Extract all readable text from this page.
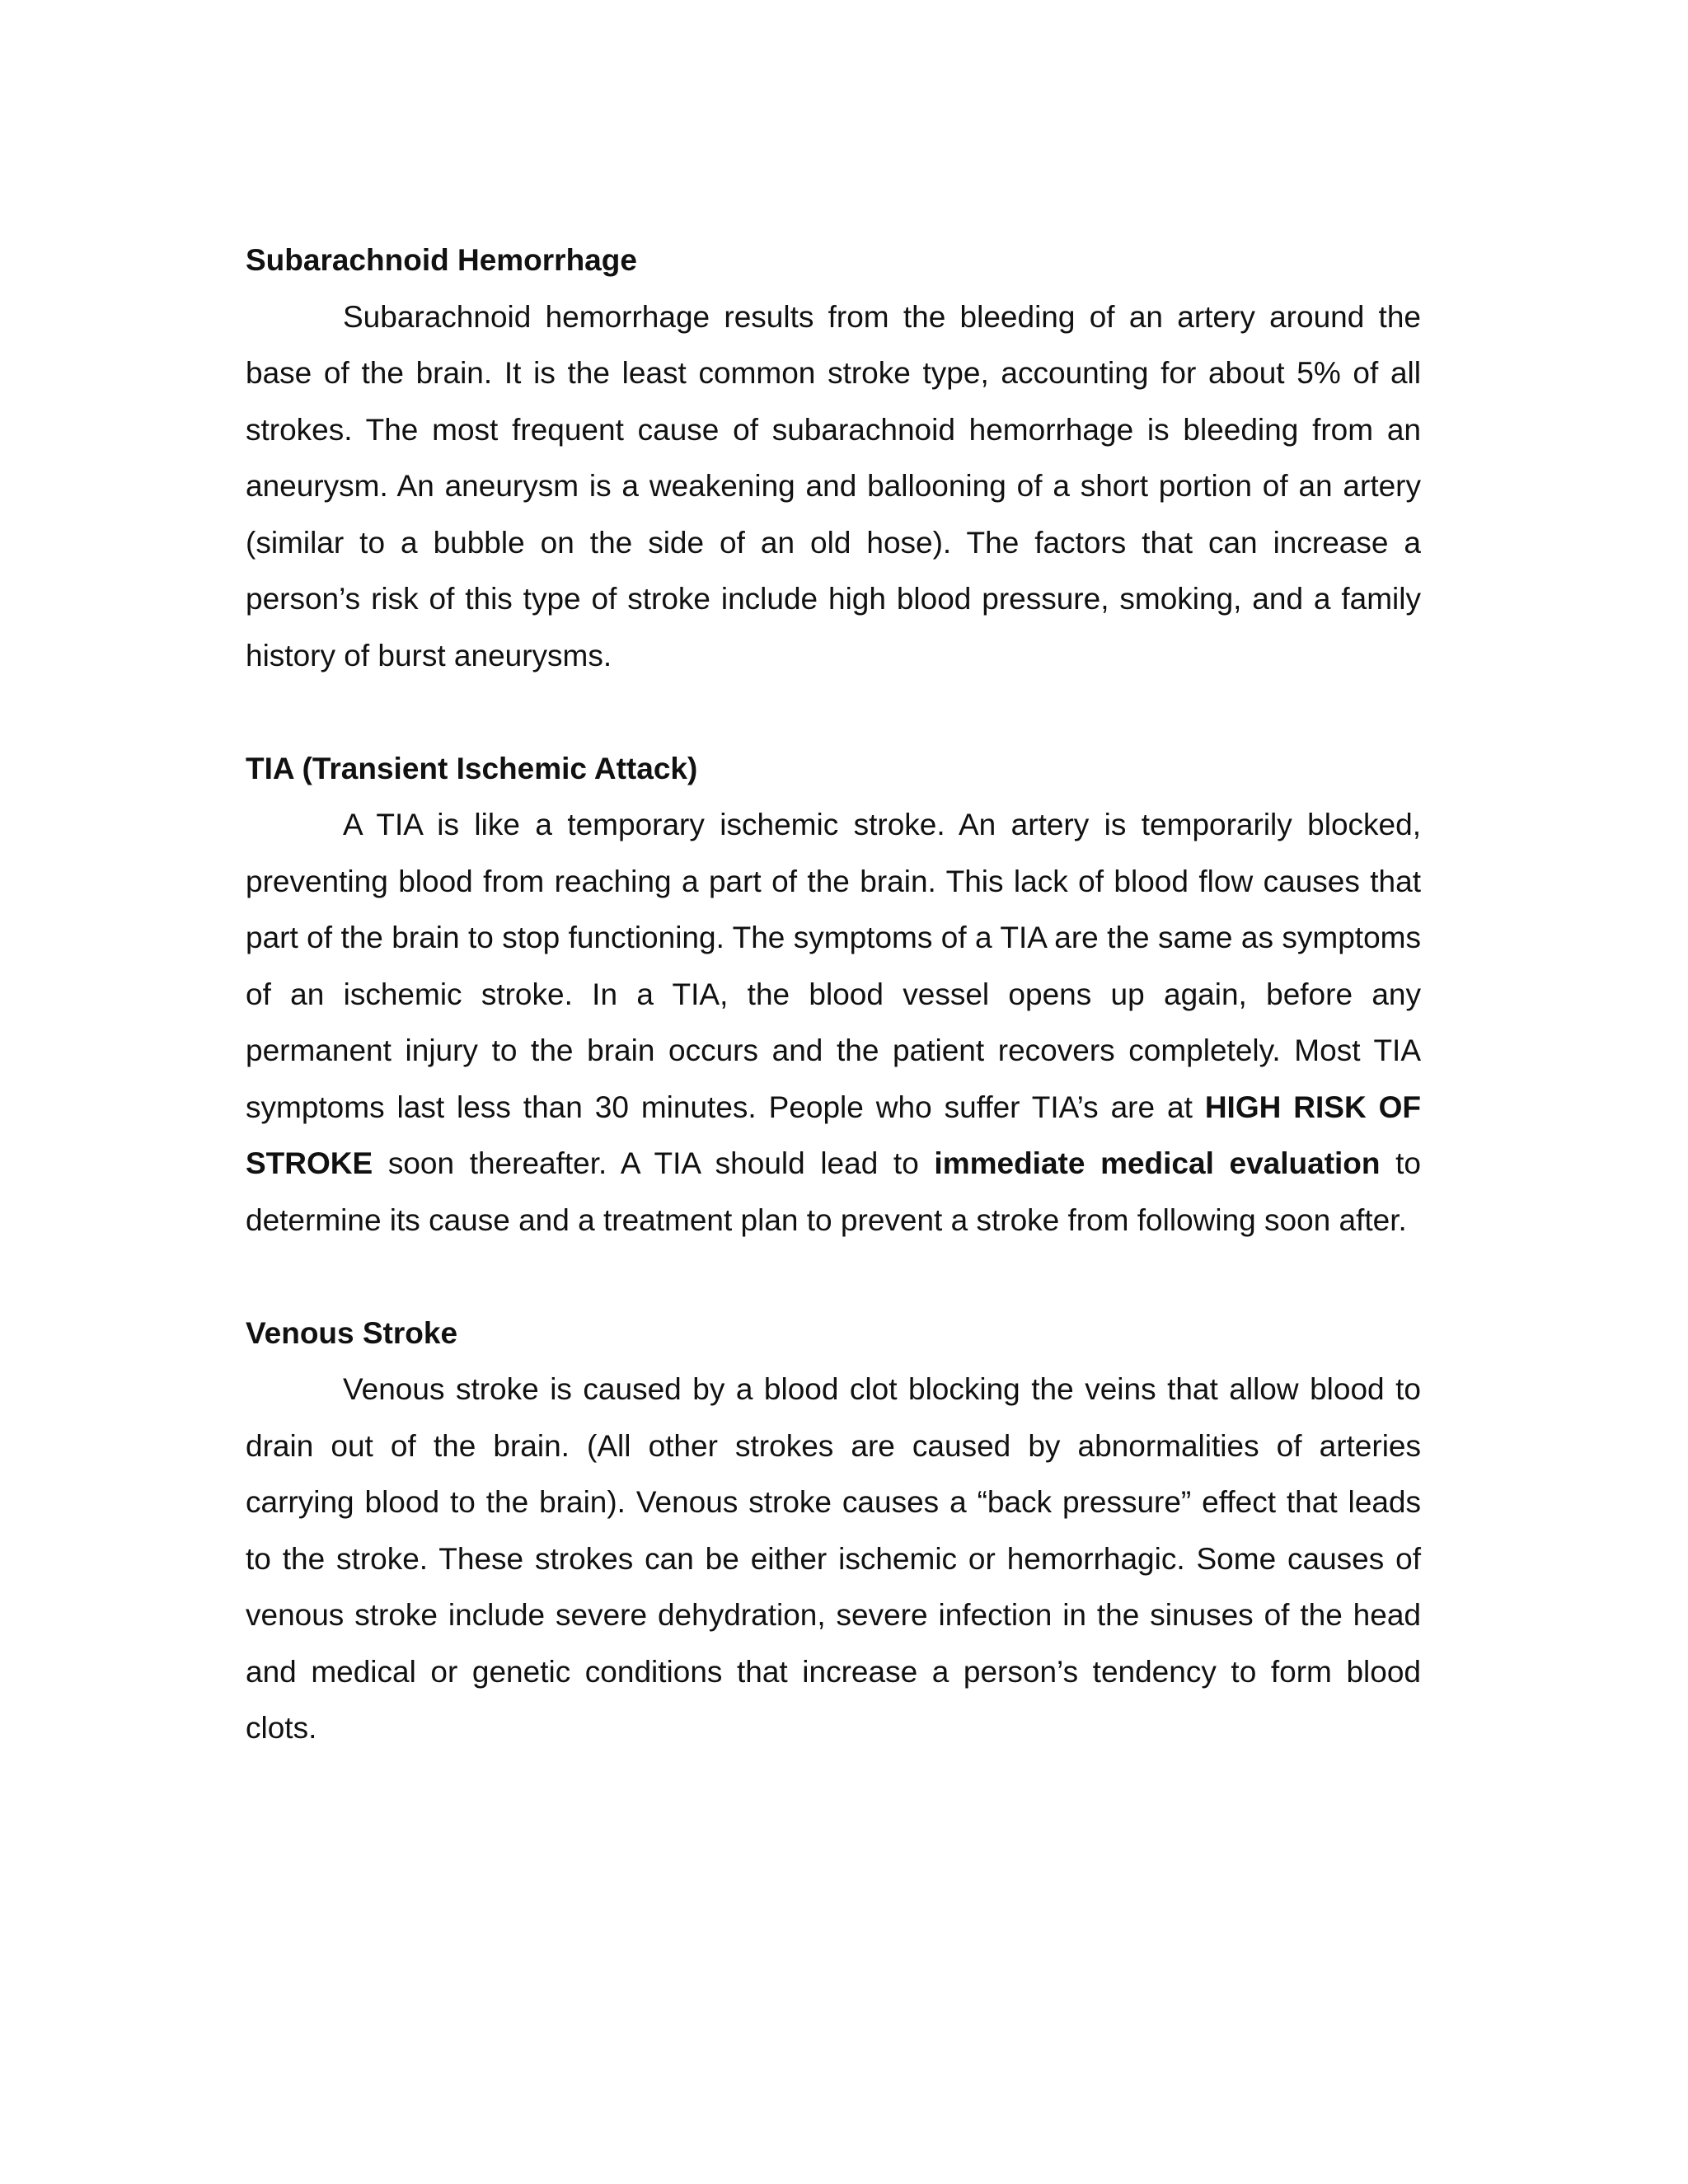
Subarachnoid Hemorrhage

Subarachnoid hemorrhage results from the bleeding of an artery around the base of the brain. It is the least common stroke type, accounting for about 5% of all strokes. The most frequent cause of subarachnoid hemorrhage is bleeding from an aneurysm. An aneurysm is a weakening and ballooning of a short portion of an artery (similar to a bubble on the side of an old hose). The factors that can increase a person’s risk of this type of stroke include high blood pressure, smoking, and a family history of burst aneurysms.

TIA (Transient Ischemic Attack)

A TIA is like a temporary ischemic stroke. An artery is temporarily blocked, preventing blood from reaching a part of the brain. This lack of blood flow causes that part of the brain to stop functioning. The symptoms of a TIA are the same as symptoms of an ischemic stroke. In a TIA, the blood vessel opens up again, before any permanent injury to the brain occurs and the patient recovers completely. Most TIA symptoms last less than 30 minutes. People who suffer TIA’s are at HIGH RISK OF STROKE soon thereafter. A TIA should lead to immediate medical evaluation to determine its cause and a treatment plan to prevent a stroke from following soon after.

Venous Stroke

Venous stroke is caused by a blood clot blocking the veins that allow blood to drain out of the brain. (All other strokes are caused by abnormalities of arteries carrying blood to the brain). Venous stroke causes a “back pressure” effect that leads to the stroke. These strokes can be either ischemic or hemorrhagic. Some causes of venous stroke include severe dehydration, severe infection in the sinuses of the head and medical or genetic conditions that increase a person’s tendency to form blood clots.
